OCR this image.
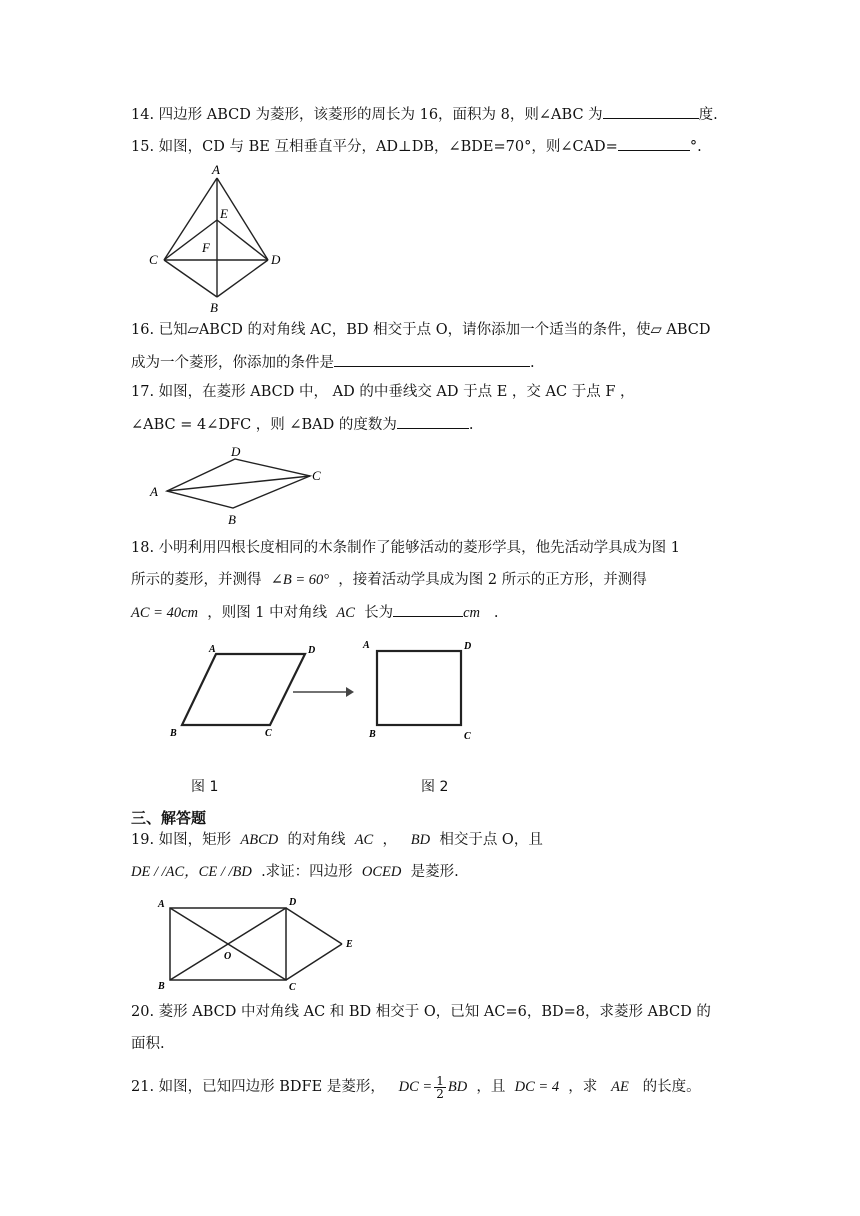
14. 四边形 ABCD 为菱形，该菱形的周长为 16，面积为 8，则∠ABC 为	度.
15. 如图，CD 与 BE 互相垂直平分，AD⊥DB，∠BDE=70°，则∠CAD=	°.
A
E
F
C	D
B
16. 已知▱ABCD 的对角线 AC，BD 相交于点 O，请你添加一个适当的条件，使▱ ABCD
成为一个菱形，你添加的条件是	.
17. 如图，在菱形 ABCD 中， AD 的中垂线交 AD 于点 E ，交 AC 于点 F ，
∠ABC = 4∠DFC ，则 ∠BAD 的度数为	.
D
A
C
B
18. 小明利用四根长度相同的木条制作了能够活动的菱形学具，他先活动学具成为图 1
所示的菱形，并测得 ∠B = 60° ，接着活动学具成为图 2 所示的正方形，并测得
AC = 40cm ，则图 1 中对角线 AC 长为	cm .
A	D
B	C
A	D
B	C
图 1	图 2
三、解答题
19. 如图，矩形 ABCD 的对角线 AC ， BD 相交于点 O，且
DE / /AC，CE / /BD .求证：四边形 OCED 是菱形.
A	D
B	C
E
O
20. 菱形 ABCD 中对角线 AC 和 BD 相交于 O，已知 AC=6，BD=8，求菱形 ABCD 的
面积.
21. 如图，已知四边形 BDFE 是菱形， DC = $\frac{1}{2}$ BD ，且 DC = 4 ，求 AE 的长度。
